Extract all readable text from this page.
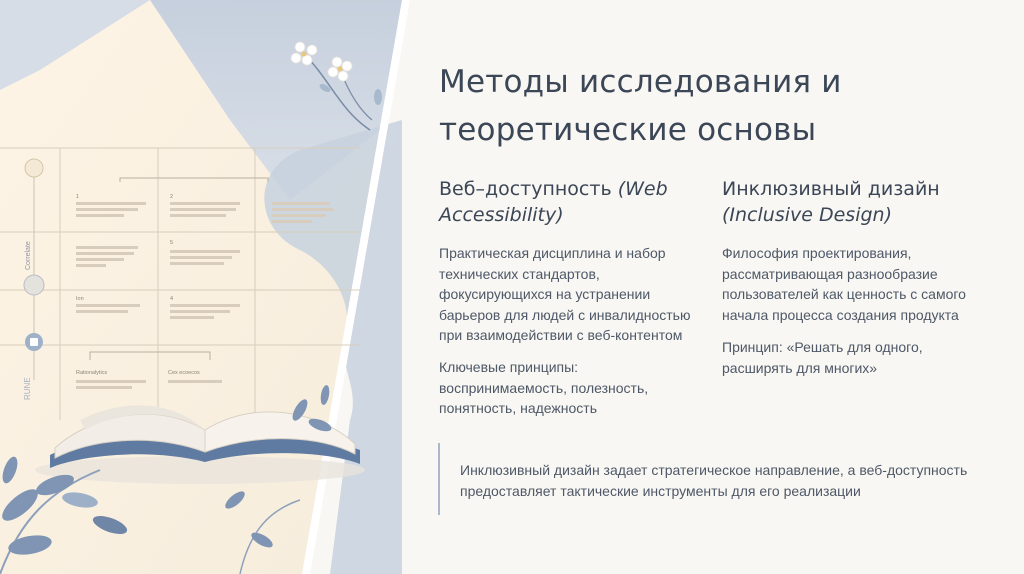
Сorrelate
RUNE
1	2
5
Ion	4
Rationalytics	Cex ecoecos
Методы исследования и
теоретические основы
Веб–доступность (Web
Accessibility)
Практическая дисциплина и набор
технических стандартов,
фокусирующихся на устранении
барьеров для людей с инвалидностью
при взаимодействии с веб-контентом
Ключевые принципы:
воспринимаемость, полезность,
понятность, надежность
Инклюзивный дизайн
(Inclusive Design)
Философия проектирования,
рассматривающая разнообразие
пользователей как ценность с самого
начала процесса создания продукта
Принцип: «Решать для одного,
расширять для многих»
Инклюзивный дизайн задает стратегическое направление, а веб-доступность
предоставляет тактические инструменты для его реализации
